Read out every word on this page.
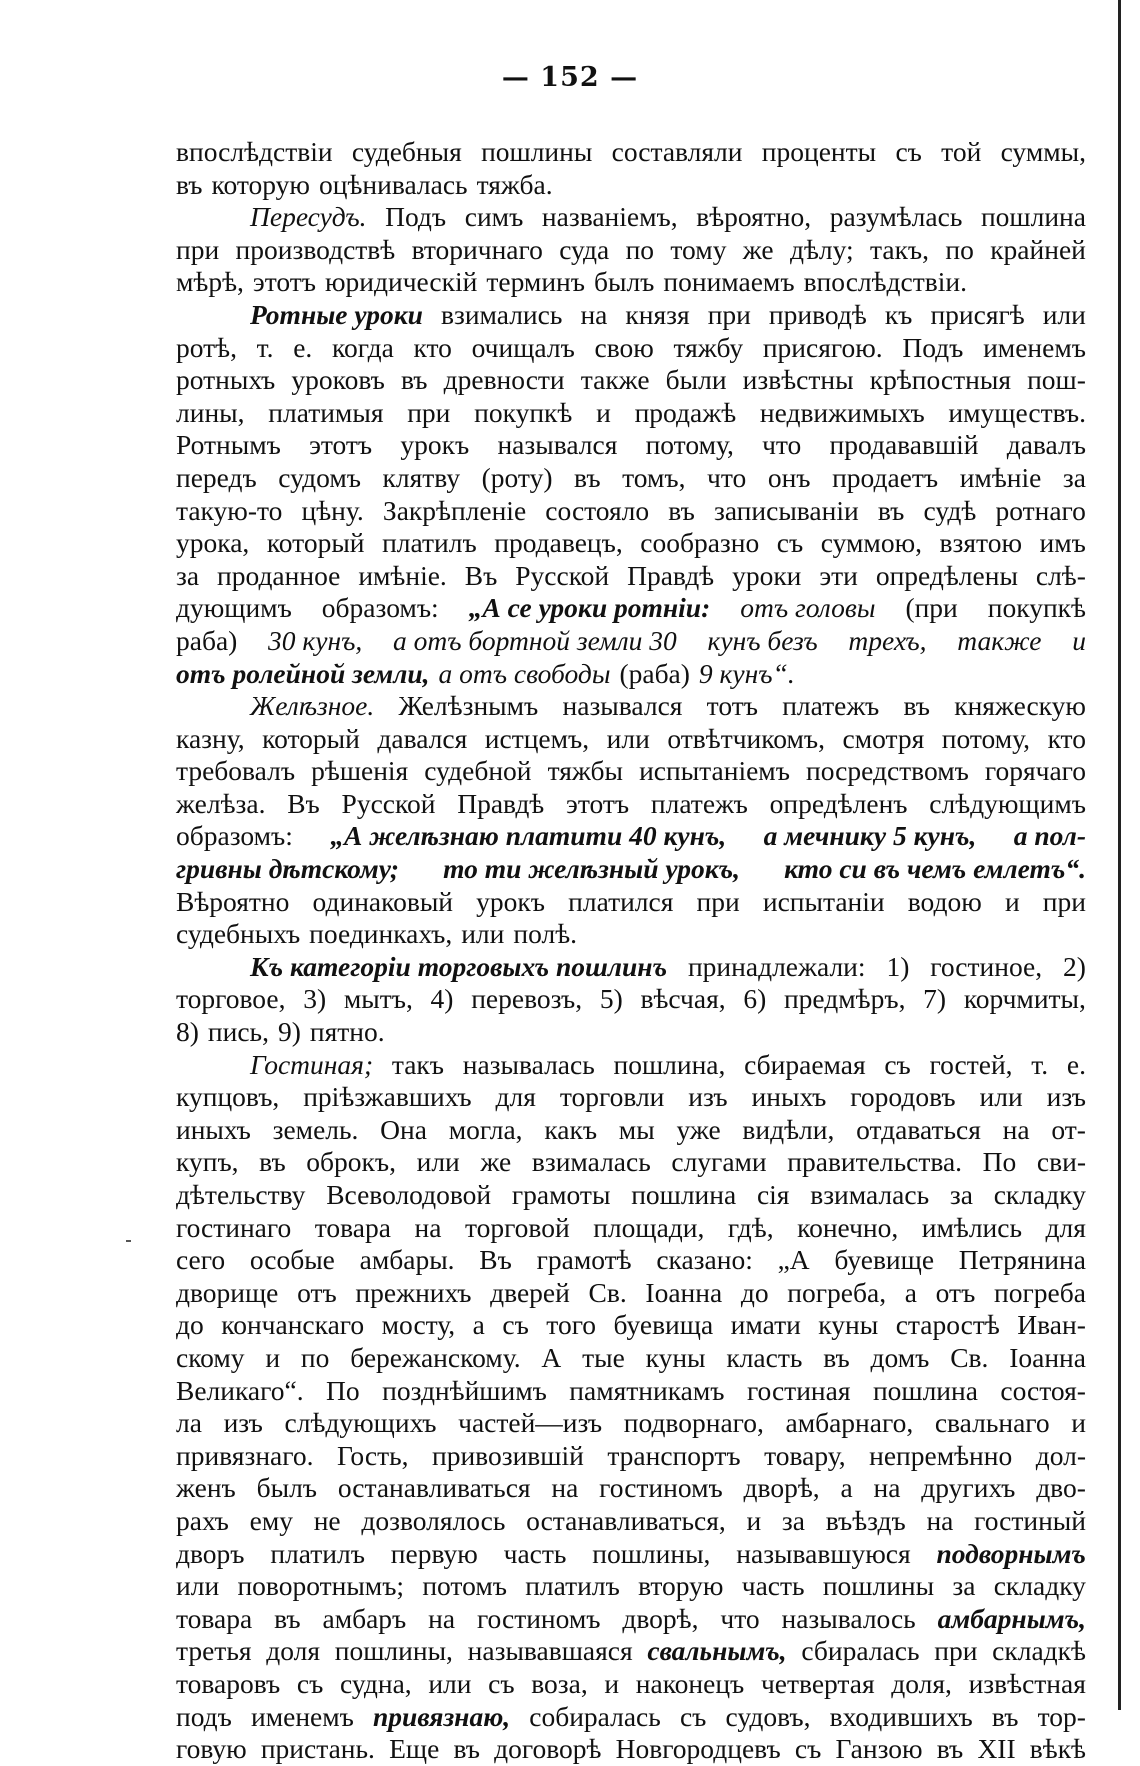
— 152 —
впослѣдствіи судебныя пошлины составляли проценты съ той суммы,
въ которую оцѣнивалась тяжба.
Пересудъ. Подъ симъ названіемъ, вѣроятно, разумѣлась пошлина
при производствѣ вторичнаго суда по тому же дѣлу; такъ, по крайней
мѣрѣ, этотъ юридическій терминъ былъ понимаемъ впослѣдствіи.
Ротные уроки взимались на князя при приводѣ къ присягѣ или
ротѣ, т. е. когда кто очищалъ свою тяжбу присягою. Подъ именемъ
ротныхъ уроковъ въ древности также были извѣстны крѣпостныя пош-
лины, платимыя при покупкѣ и продажѣ недвижимыхъ имуществъ.
Ротнымъ этотъ урокъ назывался потому, что продававшій давалъ
передъ судомъ клятву (роту) въ томъ, что онъ продаетъ имѣніе за
такую-то цѣну. Закрѣпленіе состояло въ записываніи въ судѣ ротнаго
урока, который платилъ продавецъ, сообразно съ суммою, взятою имъ
за проданное имѣніе. Въ Русской Правдѣ уроки эти опредѣлены слѣ-
дующимъ образомъ: „А се уроки ротніи: отъ головы (при покупкѣ
раба) 30 кунъ, а отъ бортной земли 30 кунъ безъ трехъ, также и
отъ ролейной земли, а отъ свободы (раба) 9 кунъ“.
Желѣзное. Желѣзнымъ назывался тотъ платежъ въ княжескую
казну, который давался истцемъ, или отвѣтчикомъ, смотря потому, кто
требовалъ рѣшенія судебной тяжбы испытаніемъ посредствомъ горячаго
желѣза. Въ Русской Правдѣ этотъ платежъ опредѣленъ слѣдующимъ
образомъ: „А желѣзнаю платити 40 кунъ, а мечнику 5 кунъ, а пол-
гривны дѣтскому; то ти желѣзный урокъ, кто си въ чемъ емлетъ“.
Вѣроятно одинаковый урокъ платился при испытаніи водою и при
судебныхъ поединкахъ, или полѣ.
Къ категоріи торговыхъ пошлинъ принадлежали: 1) гостиное, 2)
торговое, 3) мытъ, 4) перевозъ, 5) вѣсчая, 6) предмѣръ, 7) корчмиты,
8) пись, 9) пятно.
Гостиная; такъ называлась пошлина, сбираемая съ гостей, т. е.
купцовъ, пріѣзжавшихъ для торговли изъ иныхъ городовъ или изъ
иныхъ земель. Она могла, какъ мы уже видѣли, отдаваться на от-
купъ, въ оброкъ, или же взималась слугами правительства. По сви-
дѣтельству Всеволодовой грамоты пошлина сія взималась за складку
гостинаго товара на торговой площади, гдѣ, конечно, имѣлись для
сего особые амбары. Въ грамотѣ сказано: „А буевище Петрянина
дворище отъ прежнихъ дверей Св. Іоанна до погреба, а отъ погреба
до кончанскаго мосту, а съ того буевища имати куны старостѣ Иван-
скому и по бережанскому. А тые куны класть въ домъ Св. Іоанна
Великаго“. По позднѣйшимъ памятникамъ гостиная пошлина состоя-
ла изъ слѣдующихъ частей—изъ подворнаго, амбарнаго, свальнаго и
привязнаго. Гость, привозившій транспортъ товару, непремѣнно дол-
женъ былъ останавливаться на гостиномъ дворѣ, а на другихъ дво-
рахъ ему не дозволялось останавливаться, и за въѣздъ на гостиный
дворъ платилъ первую часть пошлины, называвшуюся подворнымъ
или поворотнымъ; потомъ платилъ вторую часть пошлины за складку
товара въ амбаръ на гостиномъ дворѣ, что называлось амбарнымъ,
третья доля пошлины, называвшаяся свальнымъ, сбиралась при складкѣ
товаровъ съ судна, или съ воза, и наконецъ четвертая доля, извѣстная
подъ именемъ привязнаю, собиралась съ судовъ, входившихъ въ тор-
говую пристань. Еще въ договорѣ Новгородцевъ съ Ганзою въ XII вѣкѣ
